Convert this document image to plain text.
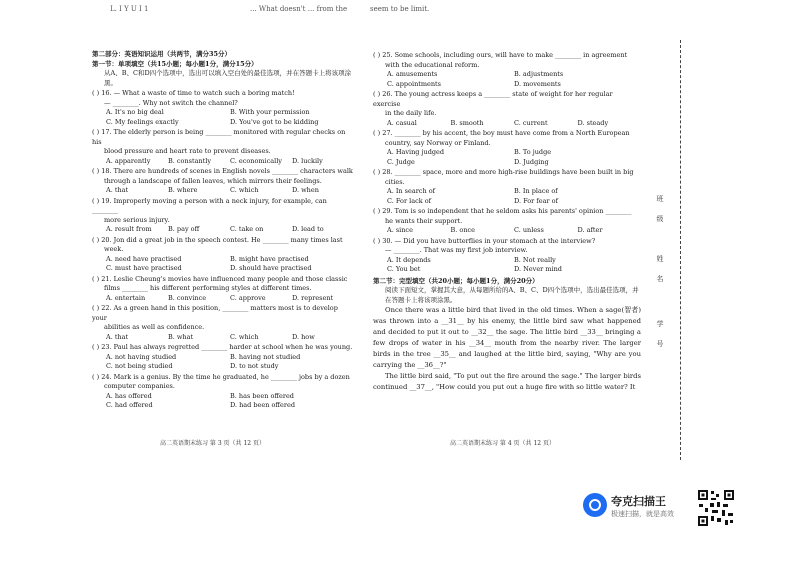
L. I Y U I 1	... What doesn't ... from the	seem to be limit.

第二部分：英语知识运用（共两节，满分35分）

第一节：单项填空（共15小题；每小题1分，满分15分）

从A、B、C和D四个选项中，选出可以填入空白处的最佳选项，并在答题卡上将该项涂黑。

( ) 16. — What a waste of time to watch such a boring match!

— ________. Why not switch the channel?

A. It's no big deal	B. With your permission
C. My feelings exactly	D. You've got to be kidding

( ) 17. The elderly person is being ________ monitored with regular checks on his

blood pressure and heart rate to prevent diseases.

A. apparently	B. constantly	C. economically	D. luckily

( ) 18. There are hundreds of scenes in English novels ________ characters walk

through a landscape of fallen leaves, which mirrors their feelings.

A. that	B. where	C. which	D. when

( ) 19. Improperly moving a person with a neck injury, for example, can ________

more serious injury.

A. result from	B. pay off	C. take on	D. lead to

( ) 20. Jon did a great job in the speech contest. He ________ many times last

week.

A. need have practised	B. might have practised
C. must have practised	D. should have practised

( ) 21. Leslie Cheung's movies have influenced many people and those classic

films ________ his different performing styles at different times.

A. entertain	B. convince	C. approve	D. represent

( ) 22. As a green hand in this position, ________ matters most is to develop your

abilities as well as confidence.

A. that	B. what	C. which	D. how

( ) 23. Paul has always regretted ________ harder at school when he was young.

A. not having studied	B. having not studied
C. not being studied	D. to not study

( ) 24. Mark is a genius. By the time he graduated, he ________ jobs by a dozen

computer companies.

A. has offered	B. has been offered
C. had offered	D. had been offered

( ) 25. Some schools, including ours, will have to make ________ in agreement

with the educational reform.

A. amusements	B. adjustments
C. appointments	D. movements

( ) 26. The young actress keeps a ________ state of weight for her regular exercise

in the daily life.

A. casual	B. smooth	C. current	D. steady

( ) 27. ________ by his accent, the boy must have come from a North European

country, say Norway or Finland.

A. Having judged	B. To judge
C. Judge	D. Judging

( ) 28. ________ space, more and more high-rise buildings have been built in big

cities.

A. In search of	B. In place of
C. For lack of	D. For fear of

( ) 29. Tom is so independent that he seldom asks his parents' opinion ________

he wants their support.

A. since	B. once	C. unless	D. after

( ) 30. — Did you have butterflies in your stomach at the interview?

— ________. That was my first job interview.

A. It depends	B. Not really
C. You bet	D. Never mind

第二节：完型填空（共20小题；每小题1分，满分20分）

阅读下面短文，掌握其大意，从每题所给的A、B、C、D四个选项中，选出最佳选项，并在答题卡上将该项涂黑。

Once there was a little bird that lived in the old times. When a sage(智者) was thrown into a __31__ by his enemy, the little bird saw what happened and decided to put it out to __32__ the sage. The little bird __33__ bringing a few drops of water in his __34__ mouth from the nearby river. The larger birds in the tree __35__ and laughed at the little bird, saying, "Why are you carrying the __36__?"

The little bird said, "To put out the fire around the sage." The larger birds continued __37__, "How could you put out a huge fire with so little water? It

高二英语期末练习 第 3 页（共 12 页）	高二英语期末练习 第 4 页（共 12 页）
班
级
姓
名
学
号
夸克扫描王
极速扫描，就是高效
